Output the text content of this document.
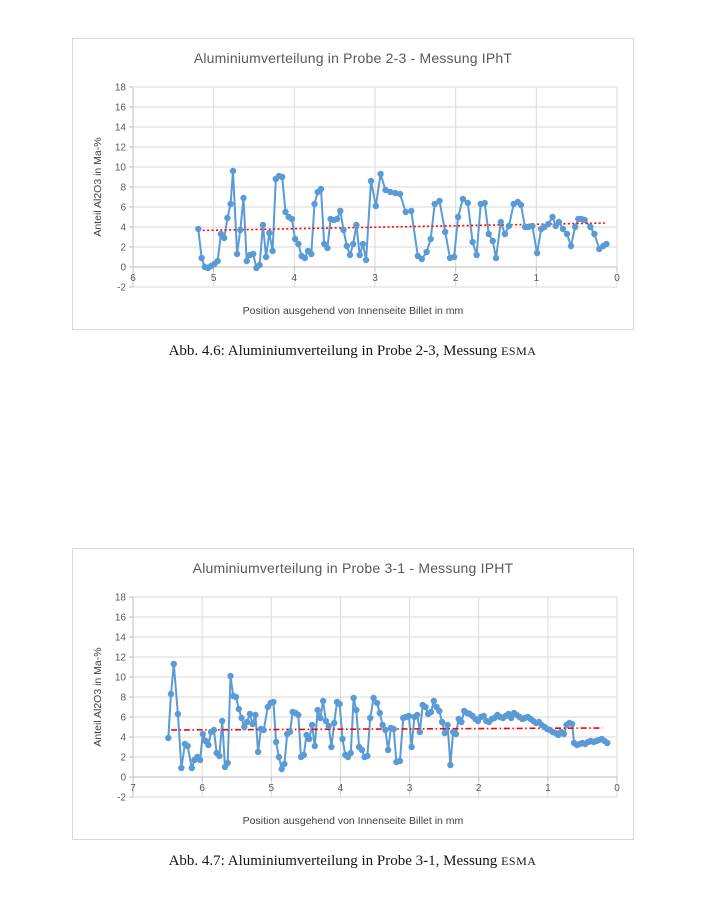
6	5	4	3	2	1	0
18
16
14
12
10
8
6
4
2
0
-2
Aluminiumverteilung in Probe 2-3 - Messung IPhT
Anteil Al2O3 in Ma-%
Position ausgehend von Innenseite Billet in mm
Abb. 4.6: Aluminiumverteilung in Probe 2-3, Messung ESMA
7	6	5	4	3	2	1	0
18
16
14
12
10
8
6
4
2
0
-2
Aluminiumverteilung in Probe 3-1 - Messung IPHT
Anteil Al2O3 in Ma-%
Position ausgehend von Innenseite Billet in mm
Abb. 4.7: Aluminiumverteilung in Probe 3-1, Messung ESMA
